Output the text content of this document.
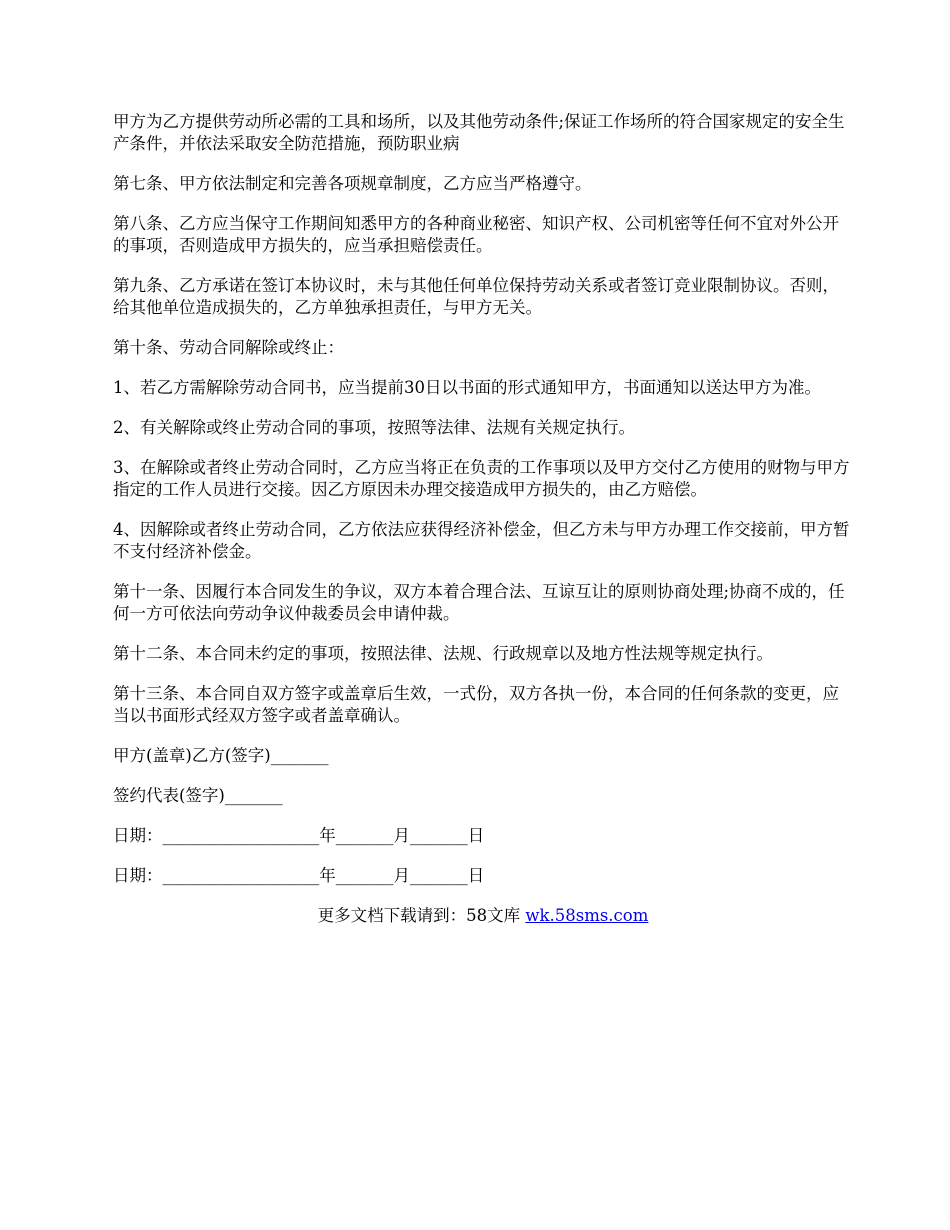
甲方为乙方提供劳动所必需的工具和场所，以及其他劳动条件;保证工作场所的符合国家规定的安全生产条件，并依法采取安全防范措施，预防职业病

第七条、甲方依法制定和完善各项规章制度，乙方应当严格遵守。

第八条、乙方应当保守工作期间知悉甲方的各种商业秘密、知识产权、公司机密等任何不宜对外公开的事项，否则造成甲方损失的，应当承担赔偿责任。

第九条、乙方承诺在签订本协议时，未与其他任何单位保持劳动关系或者签订竞业限制协议。否则，给其他单位造成损失的，乙方单独承担责任，与甲方无关。

第十条、劳动合同解除或终止：

1、若乙方需解除劳动合同书，应当提前30日以书面的形式通知甲方，书面通知以送达甲方为准。

2、有关解除或终止劳动合同的事项，按照等法律、法规有关规定执行。

3、在解除或者终止劳动合同时，乙方应当将正在负责的工作事项以及甲方交付乙方使用的财物与甲方指定的工作人员进行交接。因乙方原因未办理交接造成甲方损失的，由乙方赔偿。

4、因解除或者终止劳动合同，乙方依法应获得经济补偿金，但乙方未与甲方办理工作交接前，甲方暂不支付经济补偿金。

第十一条、因履行本合同发生的争议，双方本着合理合法、互谅互让的原则协商处理;协商不成的，任何一方可依法向劳动争议仲裁委员会申请仲裁。

第十二条、本合同未约定的事项，按照法律、法规、行政规章以及地方性法规等规定执行。

第十三条、本合同自双方签字或盖章后生效，一式份，双方各执一份，本合同的任何条款的变更，应当以书面形式经双方签字或者盖章确认。

甲方(盖章)乙方(签字)_______

签约代表(签字)_______

日期：___________________年_______月_______日

日期：___________________年_______月_______日

更多文档下载请到：58文库 wk.58sms.com
